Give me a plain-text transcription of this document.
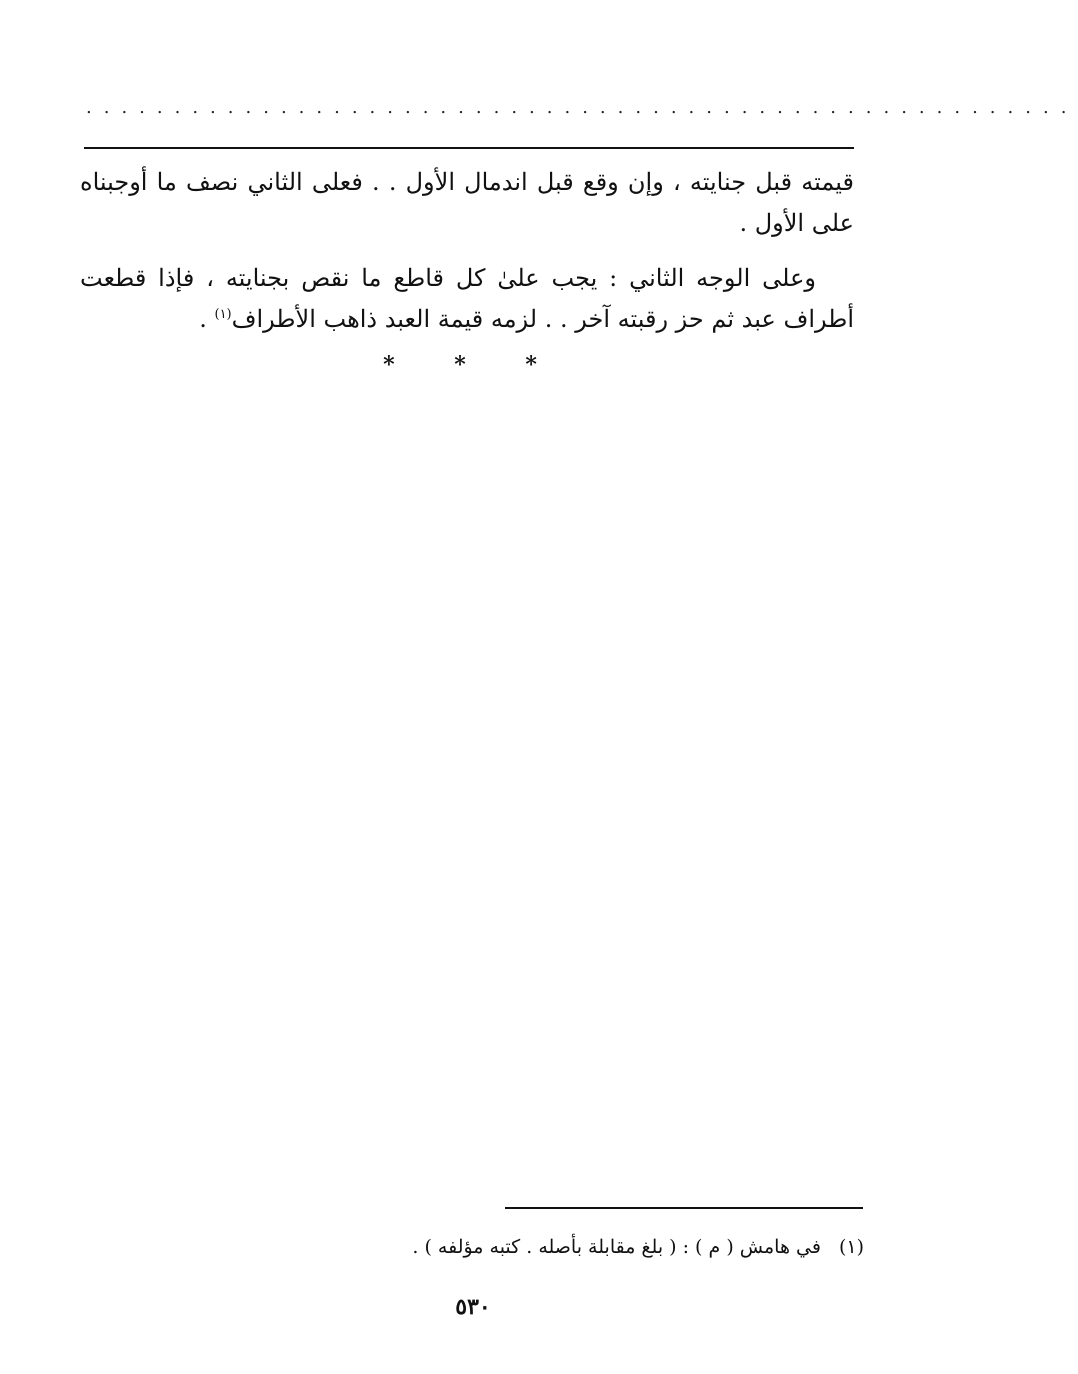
........................................................

قيمته قبل جنايته ، وإن وقع قبل اندمال الأول . . فعلى الثاني نصف ما أوجبناه على الأول .

وعلى الوجه الثاني : يجب علىٰ كل قاطع ما نقص بجنايته ، فإذا قطعت أطراف عبد ثم حز رقبته آخر . . لزمه قيمة العبد ذاهب الأطراف$^{(١)}$ .

* * *
(١)في هامش ( م ) : ( بلغ مقابلة بأصله . كتبه مؤلفه ) .
٥٣٠
